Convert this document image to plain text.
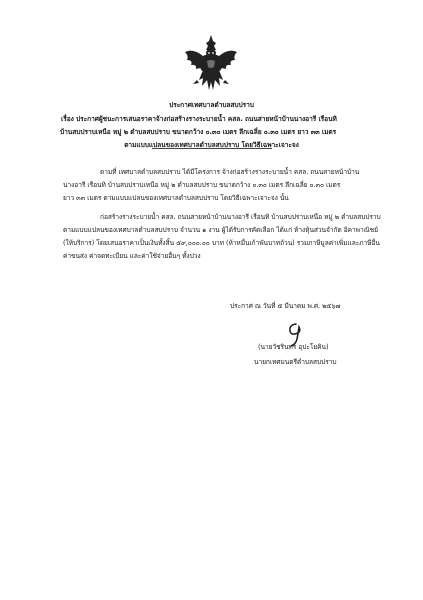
ประกาศเทศบาลตำบลสบปราบ
เรื่อง ประกาศผู้ชนะการเสนอราคาจ้างก่อสร้างรางระบายน้ำ คสล. ถนนสายหน้าบ้านนางอารี เรือนทิ
บ้านสบปราบเหนือ หมู่ ๒ ตำบลสบปราบ ขนาดกว้าง ๐.๓๐ เมตร ลึกเฉลี่ย ๐.๓๐ เมตร ยาว ๓๓ เมตร
ตามแบบแปลนของเทศบาลตำบลสบปราบ โดยวิธีเฉพาะเจาะจง
ตามที่ เทศบาลตำบลสบปราบ ได้มีโครงการ จ้างก่อสร้างรางระบายน้ำ คสล. ถนนสายหน้าบ้าน
นางอารี เรือนทิ บ้านสบปราบเหนือ หมู่ ๒ ตำบลสบปราบ ขนาดกว้าง ๐.๓๐ เมตร ลึกเฉลี่ย ๐.๓๐ เมตร
ยาว ๓๓ เมตร ตามแบบแปลนของเทศบาลตำบลสบปราบ โดยวิธีเฉพาะเจาะจง นั้น
ก่อสร้างรางระบายน้ำ คสล. ถนนสายหน้าบ้านนางอารี เรือนทิ บ้านสบปราบเหนือ หมู่ ๒ ตำบลสบปราบ
ตามแบบแปลนของเทศบาลตำบลสบปราบ จำนวน ๑ งาน ผู้ได้รับการคัดเลือก ได้แก่ ห้างหุ้นส่วนจำกัด อิคาพาณิชย์
(ให้บริการ) โดยเสนอราคาเป็นเงินทั้งสิ้น ๕๙,๐๐๐.๐๐ บาท (ห้าหมื่นเก้าพันบาทถ้วน) รวมภาษีมูลค่าเพิ่มและภาษีอื่น
ค่าขนส่ง ค่าจดทะเบียน และค่าใช้จ่ายอื่นๆ ทั้งปวง
ประกาศ ณ วันที่ ๕ มีนาคม พ.ศ. ๒๕๖๗
(นายวัชรินทร์ อุปะโยคิน)
นายกเทศมนตรีตำบลสบปราบ
